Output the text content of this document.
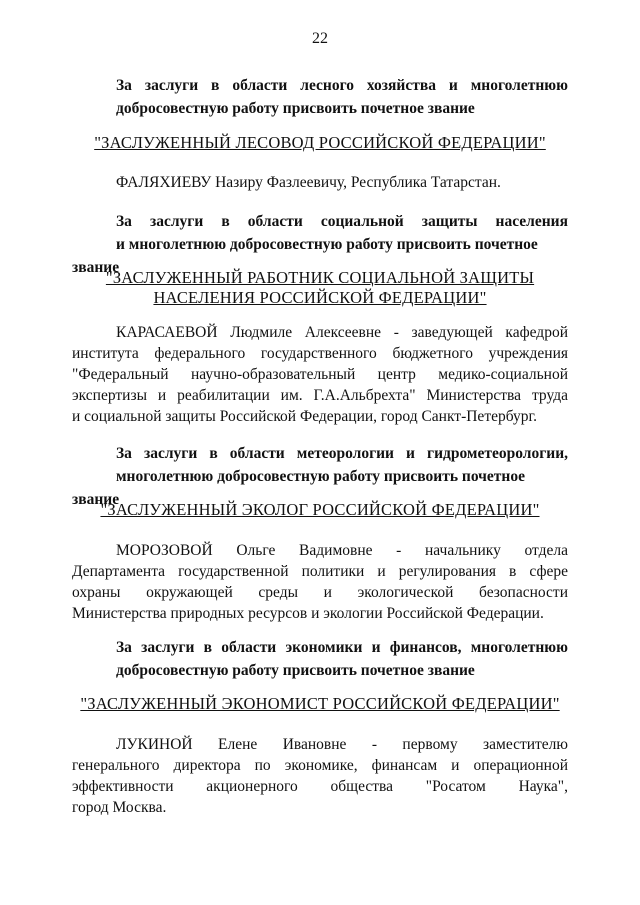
22
За заслуги в области лесного хозяйства и многолетнюю
добросовестную работу присвоить почетное звание
"ЗАСЛУЖЕННЫЙ ЛЕСОВОД РОССИЙСКОЙ ФЕДЕРАЦИИ"
ФАЛЯХИЕВУ Назиру Фазлеевичу, Республика Татарстан.
За заслуги в области социальной защиты населения
и многолетнюю добросовестную работу присвоить почетное звание
"ЗАСЛУЖЕННЫЙ РАБОТНИК СОЦИАЛЬНОЙ ЗАЩИТЫ
НАСЕЛЕНИЯ РОССИЙСКОЙ ФЕДЕРАЦИИ"
КАРАСАЕВОЙ Людмиле Алексеевне - заведующей кафедрой
института федерального государственного бюджетного учреждения
"Федеральный научно-образовательный центр медико-социальной
экспертизы и реабилитации им. Г.А.Альбрехта" Министерства труда
и социальной защиты Российской Федерации, город Санкт-Петербург.
За заслуги в области метеорологии и гидрометеорологии,
многолетнюю добросовестную работу присвоить почетное звание
"ЗАСЛУЖЕННЫЙ ЭКОЛОГ РОССИЙСКОЙ ФЕДЕРАЦИИ"
МОРОЗОВОЙ Ольге Вадимовне - начальнику отдела
Департамента государственной политики и регулирования в сфере
охраны окружающей среды и экологической безопасности
Министерства природных ресурсов и экологии Российской Федерации.
За заслуги в области экономики и финансов, многолетнюю
добросовестную работу присвоить почетное звание
"ЗАСЛУЖЕННЫЙ ЭКОНОМИСТ РОССИЙСКОЙ ФЕДЕРАЦИИ"
ЛУКИНОЙ Елене Ивановне - первому заместителю
генерального директора по экономике, финансам и операционной
эффективности акционерного общества "Росатом Наука",
город Москва.
